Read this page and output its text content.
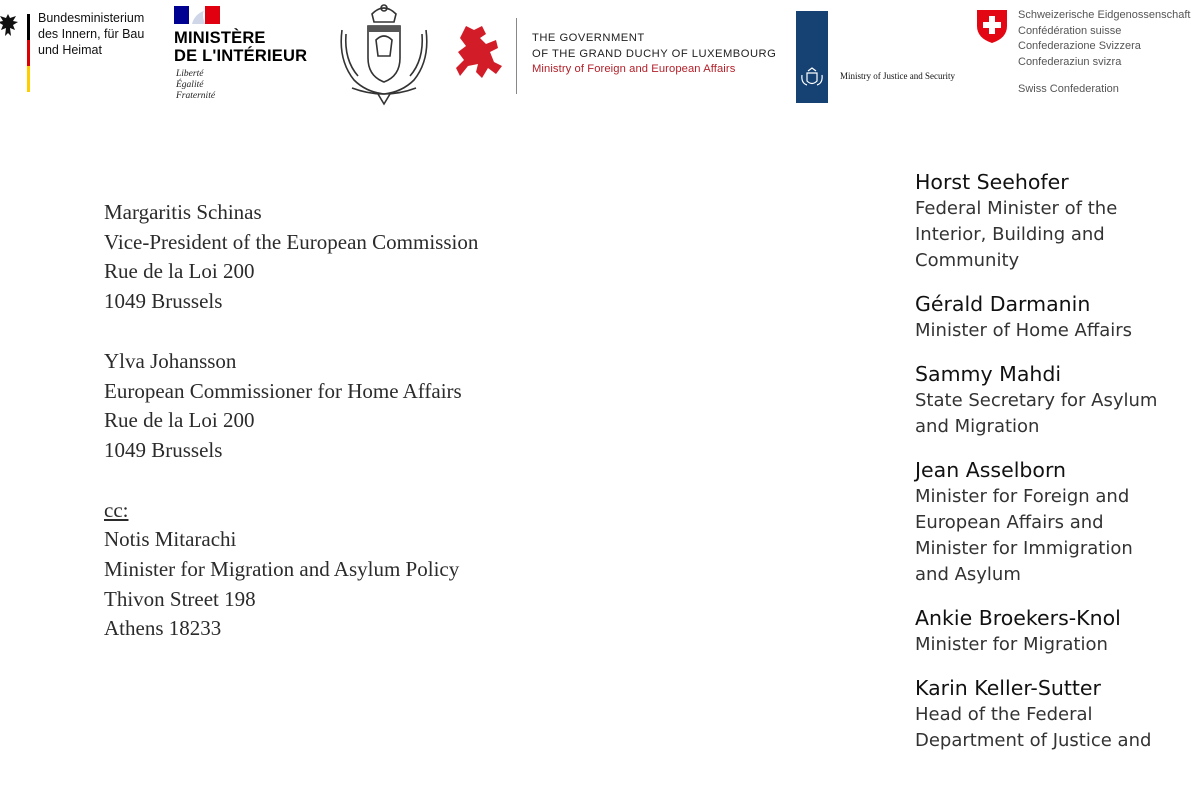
Bundesministerium
des Innern, für Bau
und Heimat
MINISTÈRE
DE L'INTÉRIEUR
Liberté
Égalité
Fraternité
THE GOVERNMENT
OF THE GRAND DUCHY OF LUXEMBOURG
Ministry of Foreign and European Affairs
Ministry of Justice and Security
Schweizerische Eidgenossenschaft
Confédération suisse
Confederazione Svizzera
Confederaziun svizra
Swiss Confederation
Margaritis Schinas
Vice-President of the European Commission
Rue de la Loi 200
1049 Brussels
Ylva Johansson
European Commissioner for Home Affairs
Rue de la Loi 200
1049 Brussels
cc:
Notis Mitarachi
Minister for Migration and Asylum Policy
Thivon Street 198
Athens 18233
Horst Seehofer
Federal Minister of the
Interior, Building and
Community
Gérald Darmanin
Minister of Home Affairs
Sammy Mahdi
State Secretary for Asylum
and Migration
Jean Asselborn
Minister for Foreign and
European Affairs and
Minister for Immigration
and Asylum
Ankie Broekers-Knol
Minister for Migration
Karin Keller-Sutter
Head of the Federal
Department of Justice and
